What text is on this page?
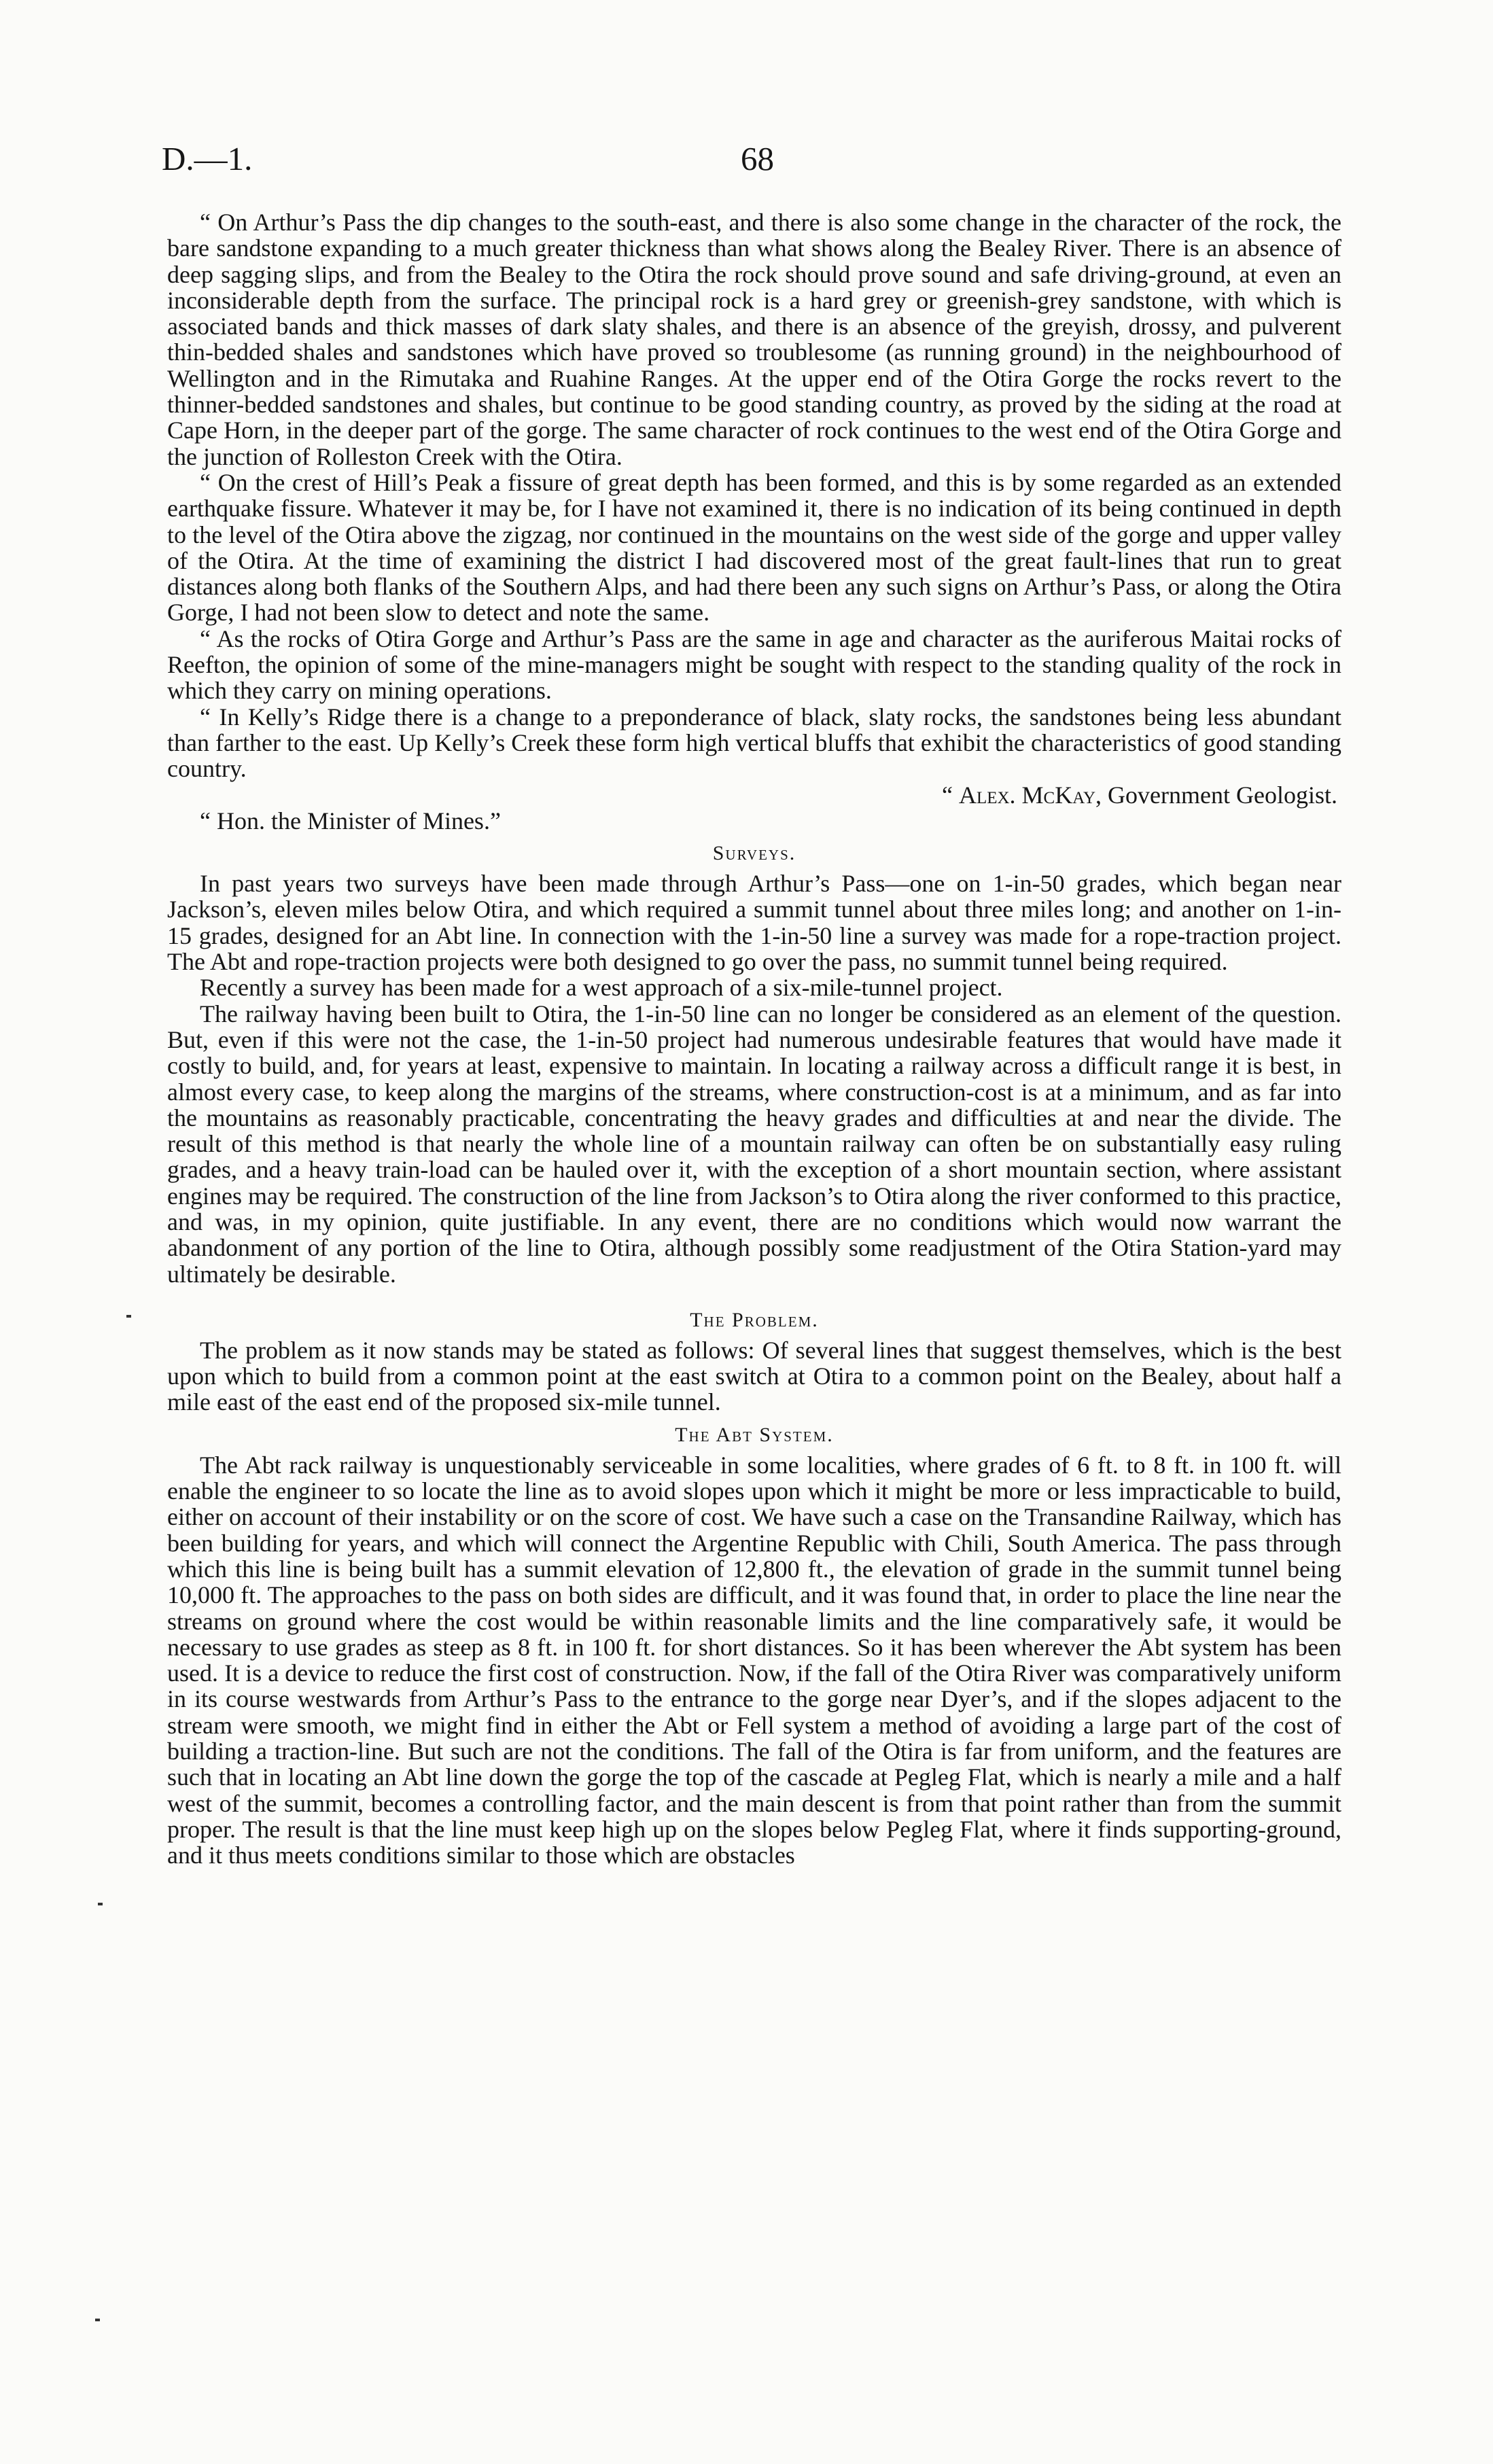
D.—1.	68

“ On Arthur’s Pass the dip changes to the south-east, and there is also some change in the character of the rock, the bare sandstone expanding to a much greater thickness than what shows along the Bealey River. There is an absence of deep sagging slips, and from the Bealey to the Otira the rock should prove sound and safe driving-ground, at even an inconsiderable depth from the surface. The principal rock is a hard grey or greenish-grey sandstone, with which is associated bands and thick masses of dark slaty shales, and there is an absence of the greyish, drossy, and pulverent thin-bedded shales and sandstones which have proved so troublesome (as running ground) in the neighbourhood of Wellington and in the Rimutaka and Ruahine Ranges. At the upper end of the Otira Gorge the rocks revert to the thinner-bedded sandstones and shales, but continue to be good standing country, as proved by the siding at the road at Cape Horn, in the deeper part of the gorge. The same character of rock continues to the west end of the Otira Gorge and the junction of Rolleston Creek with the Otira.

“ On the crest of Hill’s Peak a fissure of great depth has been formed, and this is by some regarded as an extended earthquake fissure. Whatever it may be, for I have not examined it, there is no indication of its being continued in depth to the level of the Otira above the zigzag, nor continued in the mountains on the west side of the gorge and upper valley of the Otira. At the time of examining the district I had discovered most of the great fault-lines that run to great distances along both flanks of the Southern Alps, and had there been any such signs on Arthur’s Pass, or along the Otira Gorge, I had not been slow to detect and note the same.

“ As the rocks of Otira Gorge and Arthur’s Pass are the same in age and character as the auriferous Maitai rocks of Reefton, the opinion of some of the mine-managers might be sought with respect to the standing quality of the rock in which they carry on mining operations.

“ In Kelly’s Ridge there is a change to a preponderance of black, slaty rocks, the sandstones being less abundant than farther to the east. Up Kelly’s Creek these form high vertical bluffs that exhibit the characteristics of good standing country.

“ Alex. McKay, Government Geologist.
“ Hon. the Minister of Mines.”
Surveys.

In past years two surveys have been made through Arthur’s Pass—one on 1-in-50 grades, which began near Jackson’s, eleven miles below Otira, and which required a summit tunnel about three miles long; and another on 1-in-15 grades, designed for an Abt line. In connection with the 1-in-50 line a survey was made for a rope-traction project. The Abt and rope-traction projects were both designed to go over the pass, no summit tunnel being required.

Recently a survey has been made for a west approach of a six-mile-tunnel project.

The railway having been built to Otira, the 1-in-50 line can no longer be considered as an element of the question. But, even if this were not the case, the 1-in-50 project had numerous undesirable features that would have made it costly to build, and, for years at least, expensive to maintain. In locating a railway across a difficult range it is best, in almost every case, to keep along the margins of the streams, where construction-cost is at a minimum, and as far into the mountains as reasonably practicable, concentrating the heavy grades and difficulties at and near the divide. The result of this method is that nearly the whole line of a mountain railway can often be on substantially easy ruling grades, and a heavy train-load can be hauled over it, with the exception of a short mountain section, where assistant engines may be required. The construction of the line from Jackson’s to Otira along the river conformed to this practice, and was, in my opinion, quite justifiable. In any event, there are no conditions which would now warrant the abandonment of any portion of the line to Otira, although possibly some readjustment of the Otira Station-yard may ultimately be desirable.

The Problem.

The problem as it now stands may be stated as follows: Of several lines that suggest themselves, which is the best upon which to build from a common point at the east switch at Otira to a common point on the Bealey, about half a mile east of the east end of the proposed six-mile tunnel.

The Abt System.

The Abt rack railway is unquestionably serviceable in some localities, where grades of 6 ft. to 8 ft. in 100 ft. will enable the engineer to so locate the line as to avoid slopes upon which it might be more or less impracticable to build, either on account of their instability or on the score of cost. We have such a case on the Transandine Railway, which has been building for years, and which will connect the Argentine Republic with Chili, South America. The pass through which this line is being built has a summit elevation of 12,800 ft., the elevation of grade in the summit tunnel being 10,000 ft. The approaches to the pass on both sides are difficult, and it was found that, in order to place the line near the streams on ground where the cost would be within reasonable limits and the line comparatively safe, it would be necessary to use grades as steep as 8 ft. in 100 ft. for short distances. So it has been wherever the Abt system has been used. It is a device to reduce the first cost of construction. Now, if the fall of the Otira River was comparatively uniform in its course westwards from Arthur’s Pass to the entrance to the gorge near Dyer’s, and if the slopes adjacent to the stream were smooth, we might find in either the Abt or Fell system a method of avoiding a large part of the cost of building a traction-line. But such are not the conditions. The fall of the Otira is far from uniform, and the features are such that in locating an Abt line down the gorge the top of the cascade at Pegleg Flat, which is nearly a mile and a half west of the summit, becomes a controlling factor, and the main descent is from that point rather than from the summit proper. The result is that the line must keep high up on the slopes below Pegleg Flat, where it finds supporting-ground, and it thus meets conditions similar to those which are obstacles
